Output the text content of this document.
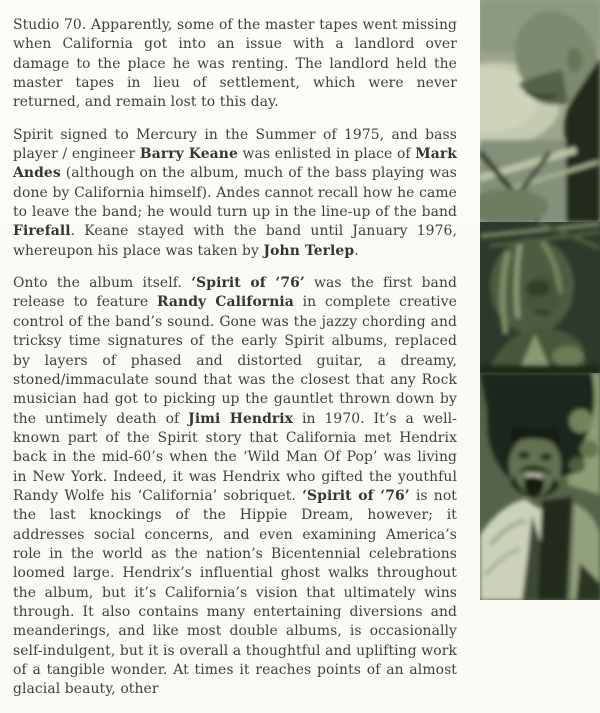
Studio 70. Apparently, some of the master tapes went missing when California got into an issue with a landlord over damage to the place he was renting. The landlord held the master tapes in lieu of settlement, which were never returned, and remain lost to this day.

Spirit signed to Mercury in the Summer of 1975, and bass player / engineer Barry Keane was enlisted in place of Mark Andes (although on the album, much of the bass playing was done by California himself). Andes cannot recall how he came to leave the band; he would turn up in the line-up of the band Firefall. Keane stayed with the band until January 1976, whereupon his place was taken by John Terlep.

Onto the album itself. ‘Spirit of ‘76’ was the first band release to feature Randy California in complete creative control of the band’s sound. Gone was the jazzy chording and tricksy time signatures of the early Spirit albums, replaced by layers of phased and distorted guitar, a dreamy, stoned/immaculate sound that was the closest that any Rock musician had got to picking up the gauntlet thrown down by the untimely death of Jimi Hendrix in 1970. It’s a well-known part of the Spirit story that California met Hendrix back in the mid-60’s when the ‘Wild Man Of Pop’ was living in New York. Indeed, it was Hendrix who gifted the youthful Randy Wolfe his ‘California’ sobriquet. ‘Spirit of ‘76’ is not the last knockings of the Hippie Dream, however; it addresses social concerns, and even examining America’s role in the world as the nation’s Bicentennial celebrations loomed large. Hendrix’s influential ghost walks throughout the album, but it’s California’s vision that ultimately wins through. It also contains many entertaining diversions and meanderings, and like most double albums, is occasionally self-indulgent, but it is overall a thoughtful and uplifting work of a tangible wonder. At times it reaches points of an almost glacial beauty, other
